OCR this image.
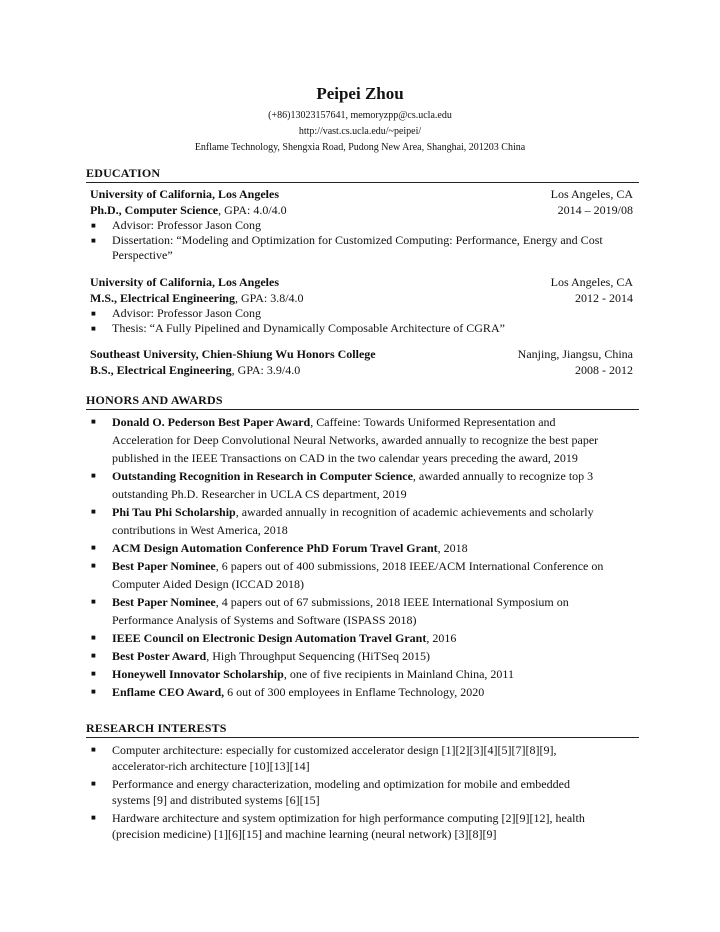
Peipei Zhou
(+86)13023157641, memoryzpp@cs.ucla.edu
http://vast.cs.ucla.edu/~peipei/
Enflame Technology, Shengxia Road, Pudong New Area, Shanghai, 201203 China
EDUCATION
University of California, Los Angeles	Los Angeles, CA
Ph.D., Computer Science, GPA: 4.0/4.0	2014 – 2019/08
■	Advisor: Professor Jason Cong
■	Dissertation: “Modeling and Optimization for Customized Computing: Performance, Energy and Cost Perspective”
University of California, Los Angeles	Los Angeles, CA
M.S., Electrical Engineering, GPA: 3.8/4.0	2012 - 2014
■	Advisor: Professor Jason Cong
■	Thesis: “A Fully Pipelined and Dynamically Composable Architecture of CGRA”
Southeast University, Chien-Shiung Wu Honors College	Nanjing, Jiangsu, China
B.S., Electrical Engineering, GPA: 3.9/4.0	2008 - 2012
HONORS AND AWARDS
■	Donald O. Pederson Best Paper Award, Caffeine: Towards Uniformed Representation and Acceleration for Deep Convolutional Neural Networks, awarded annually to recognize the best paper published in the IEEE Transactions on CAD in the two calendar years preceding the award, 2019
■	Outstanding Recognition in Research in Computer Science, awarded annually to recognize top 3 outstanding Ph.D. Researcher in UCLA CS department, 2019
■	Phi Tau Phi Scholarship, awarded annually in recognition of academic achievements and scholarly contributions in West America, 2018
■	ACM Design Automation Conference PhD Forum Travel Grant, 2018
■	Best Paper Nominee, 6 papers out of 400 submissions, 2018 IEEE/ACM International Conference on Computer Aided Design (ICCAD 2018)
■	Best Paper Nominee, 4 papers out of 67 submissions, 2018 IEEE International Symposium on Performance Analysis of Systems and Software (ISPASS 2018)
■	IEEE Council on Electronic Design Automation Travel Grant, 2016
■	Best Poster Award, High Throughput Sequencing (HiTSeq 2015)
■	Honeywell Innovator Scholarship, one of five recipients in Mainland China, 2011
■	Enflame CEO Award, 6 out of 300 employees in Enflame Technology, 2020
RESEARCH INTERESTS
■	Computer architecture: especially for customized accelerator design [1][2][3][4][5][7][8][9], accelerator-rich architecture [10][13][14]
■	Performance and energy characterization, modeling and optimization for mobile and embedded systems [9] and distributed systems [6][15]
■	Hardware architecture and system optimization for high performance computing [2][9][12], health (precision medicine) [1][6][15] and machine learning (neural network) [3][8][9]
